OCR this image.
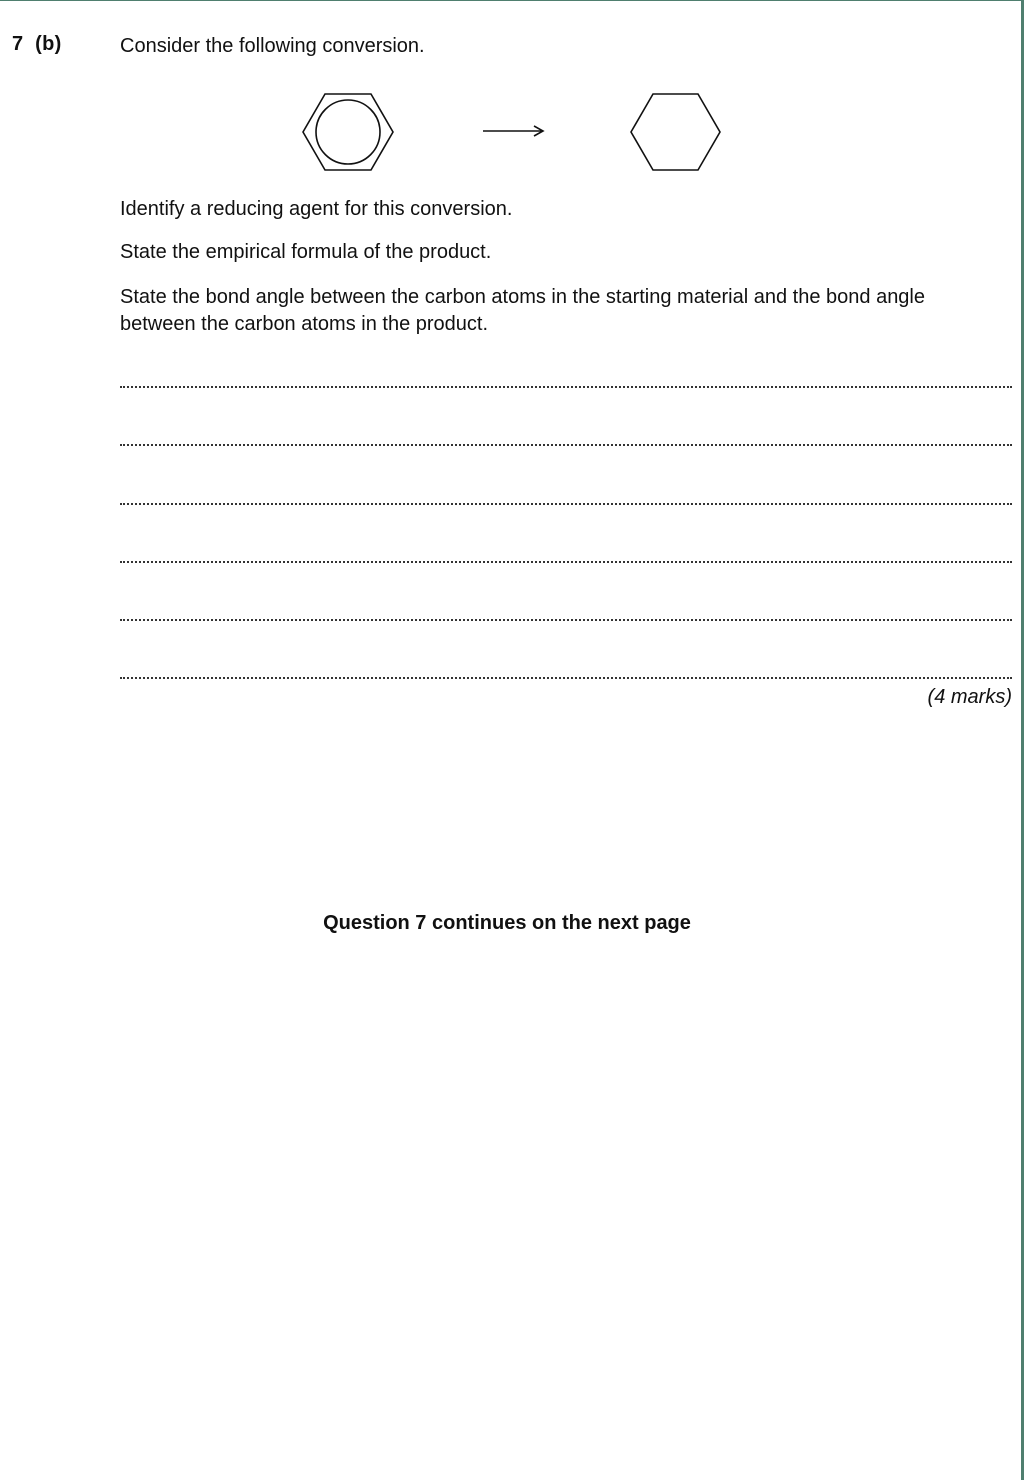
7 (b)	Consider the following conversion.
Identify a reducing agent for this conversion.
State the empirical formula of the product.
State the bond angle between the carbon atoms in the starting material and the bond angle between the carbon atoms in the product.
(4 marks)
Question 7 continues on the next page
